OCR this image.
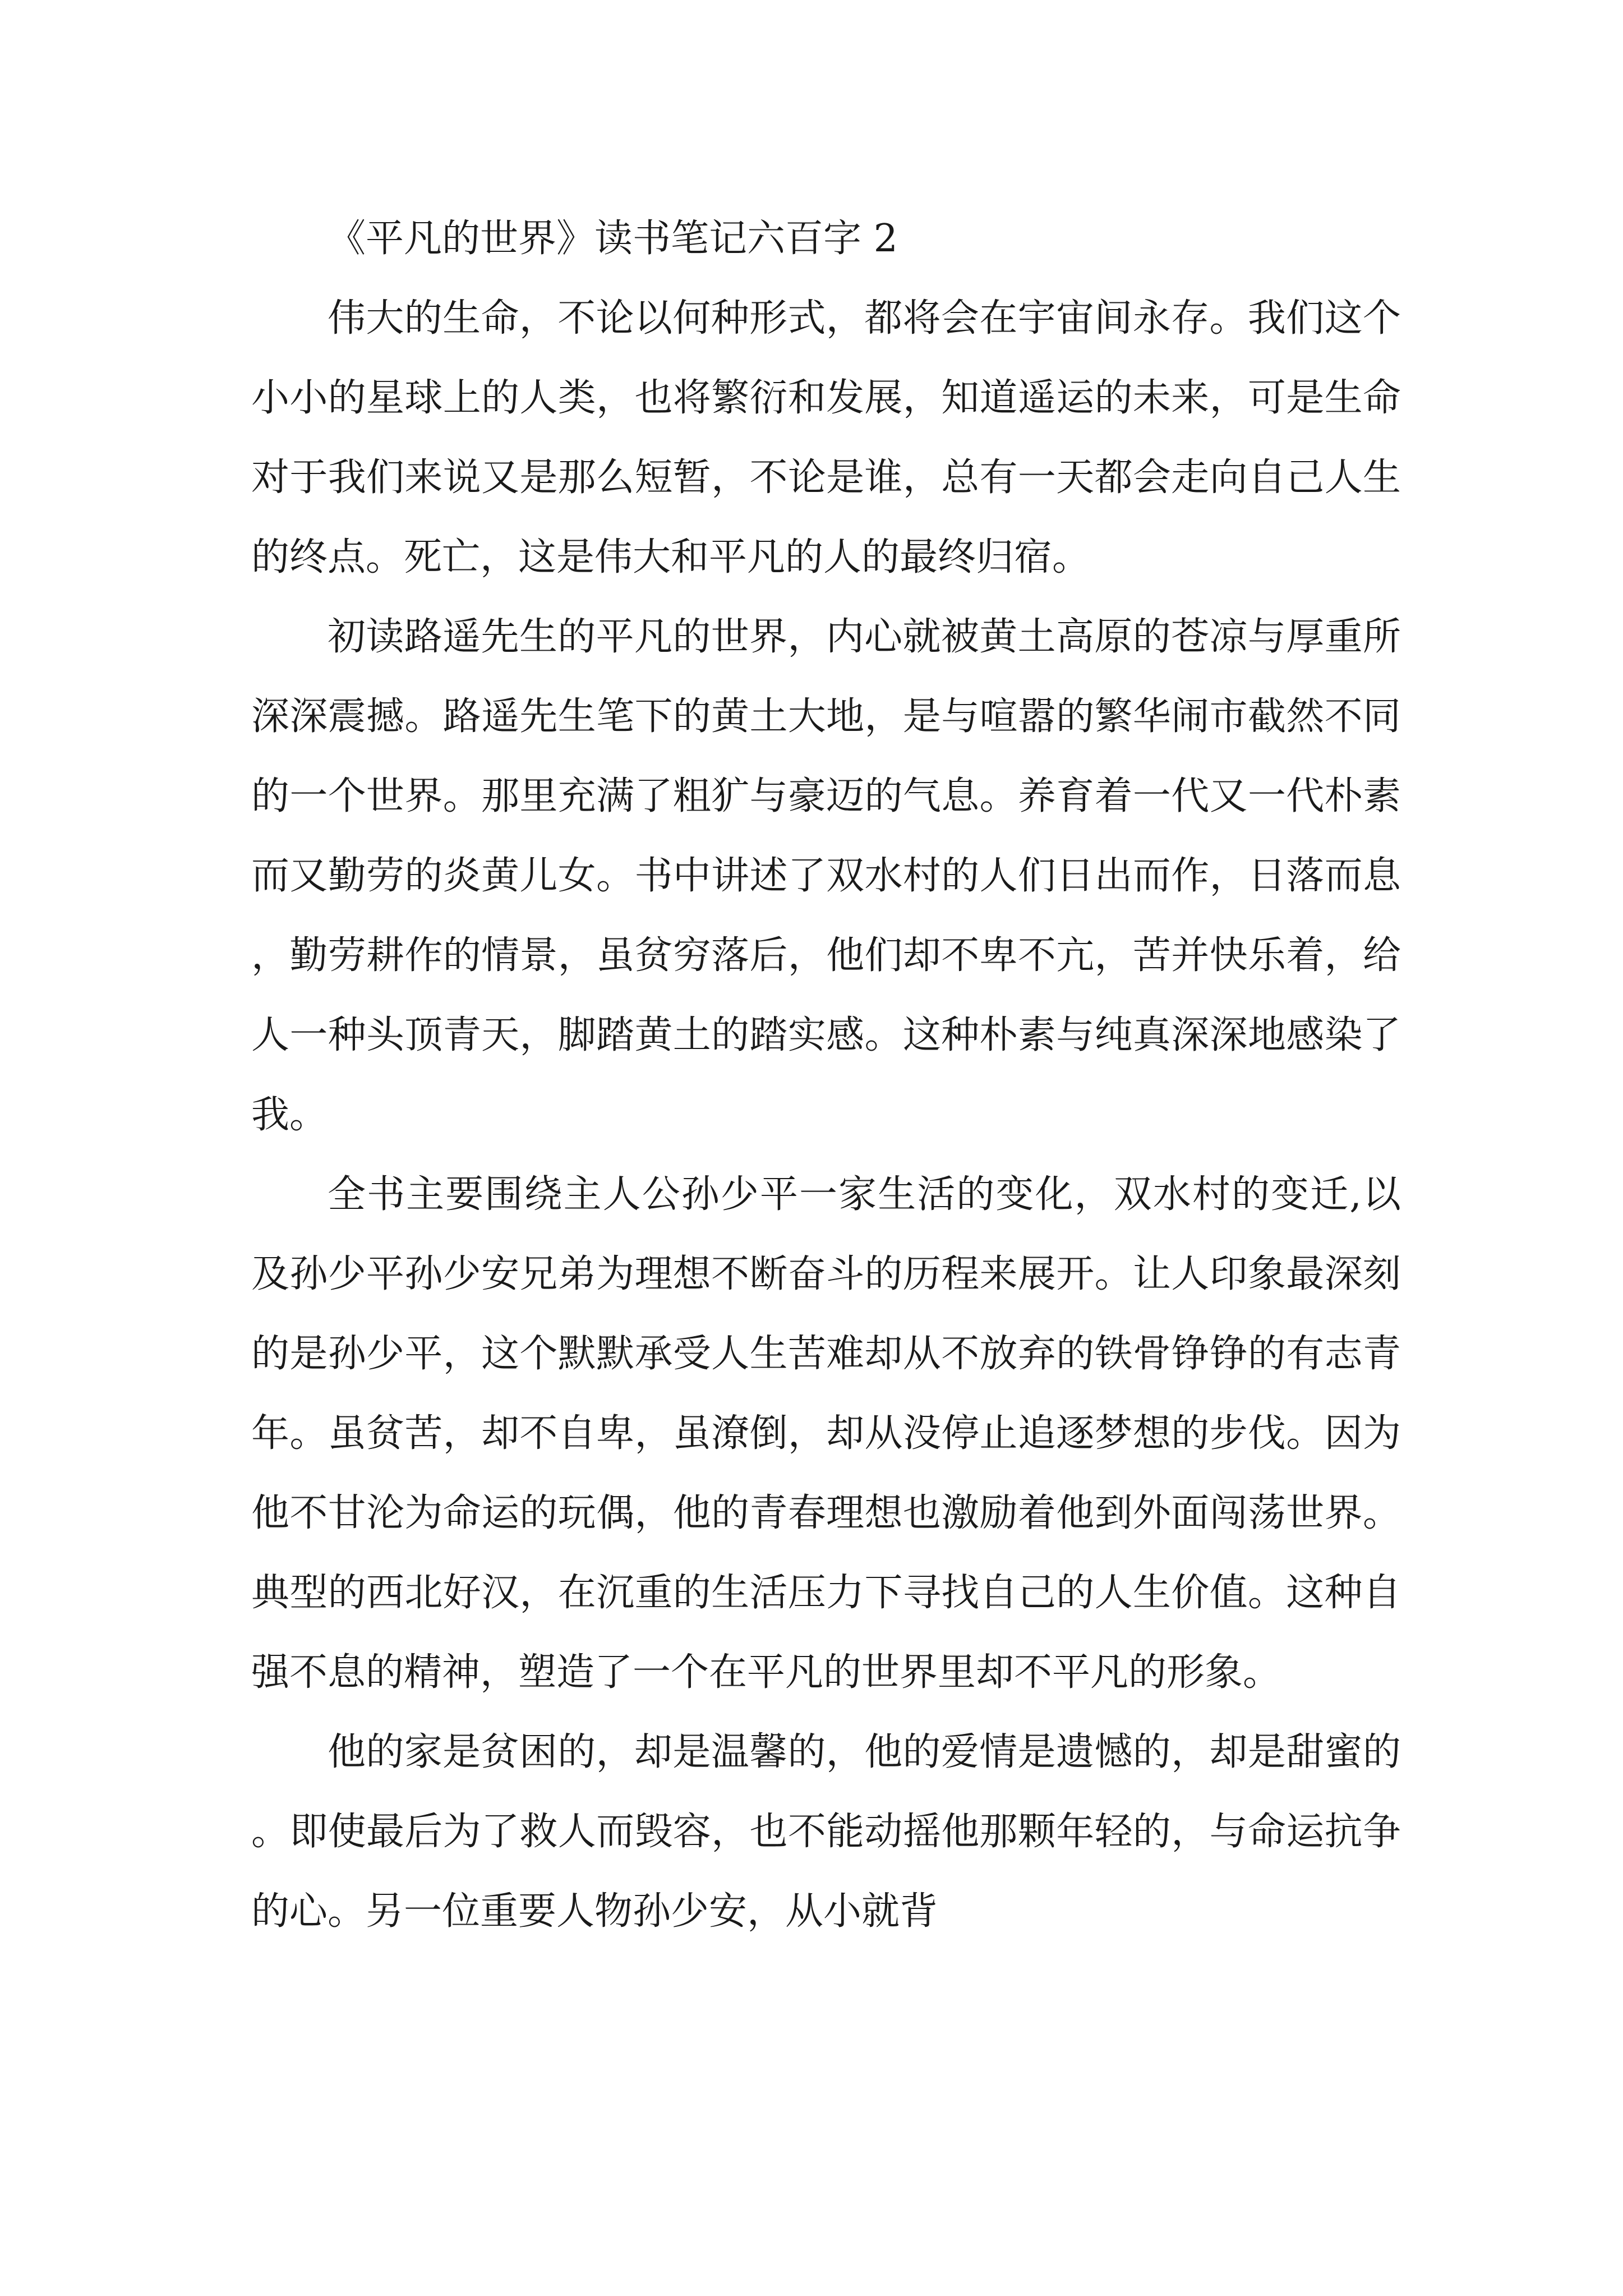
《平凡的世界》读书笔记六百字 2

伟大的生命，不论以何种形式，都将会在宇宙间永存。我们这个小小的星球上的人类，也将繁衍和发展，知道遥运的未来，可是生命对于我们来说又是那么短暂，不论是谁，总有一天都会走向自己人生的终点。死亡，这是伟大和平凡的人的最终归宿。

初读路遥先生的平凡的世界，内心就被黄土高原的苍凉与厚重所深深震撼。路遥先生笔下的黄土大地，是与喧嚣的繁华闹市截然不同的一个世界。那里充满了粗犷与豪迈的气息。养育着一代又一代朴素而又勤劳的炎黄儿女。书中讲述了双水村的人们日出而作，日落而息，勤劳耕作的情景，虽贫穷落后，他们却不卑不亢，苦并快乐着，给人一种头顶青天，脚踏黄土的踏实感。这种朴素与纯真深深地感染了我。

全书主要围绕主人公孙少平一家生活的变化，双水村的变迁,以及孙少平孙少安兄弟为理想不断奋斗的历程来展开。让人印象最深刻的是孙少平，这个默默承受人生苦难却从不放弃的铁骨铮铮的有志青年。虽贫苦，却不自卑，虽潦倒，却从没停止追逐梦想的步伐。因为他不甘沦为命运的玩偶，他的青春理想也激励着他到外面闯荡世界。典型的西北好汉，在沉重的生活压力下寻找自己的人生价值。这种自强不息的精神，塑造了一个在平凡的世界里却不平凡的形象。

他的家是贫困的，却是温馨的，他的爱情是遗憾的，却是甜蜜的。即使最后为了救人而毁容，也不能动摇他那颗年轻的，与命运抗争的心。另一位重要人物孙少安，从小就背
